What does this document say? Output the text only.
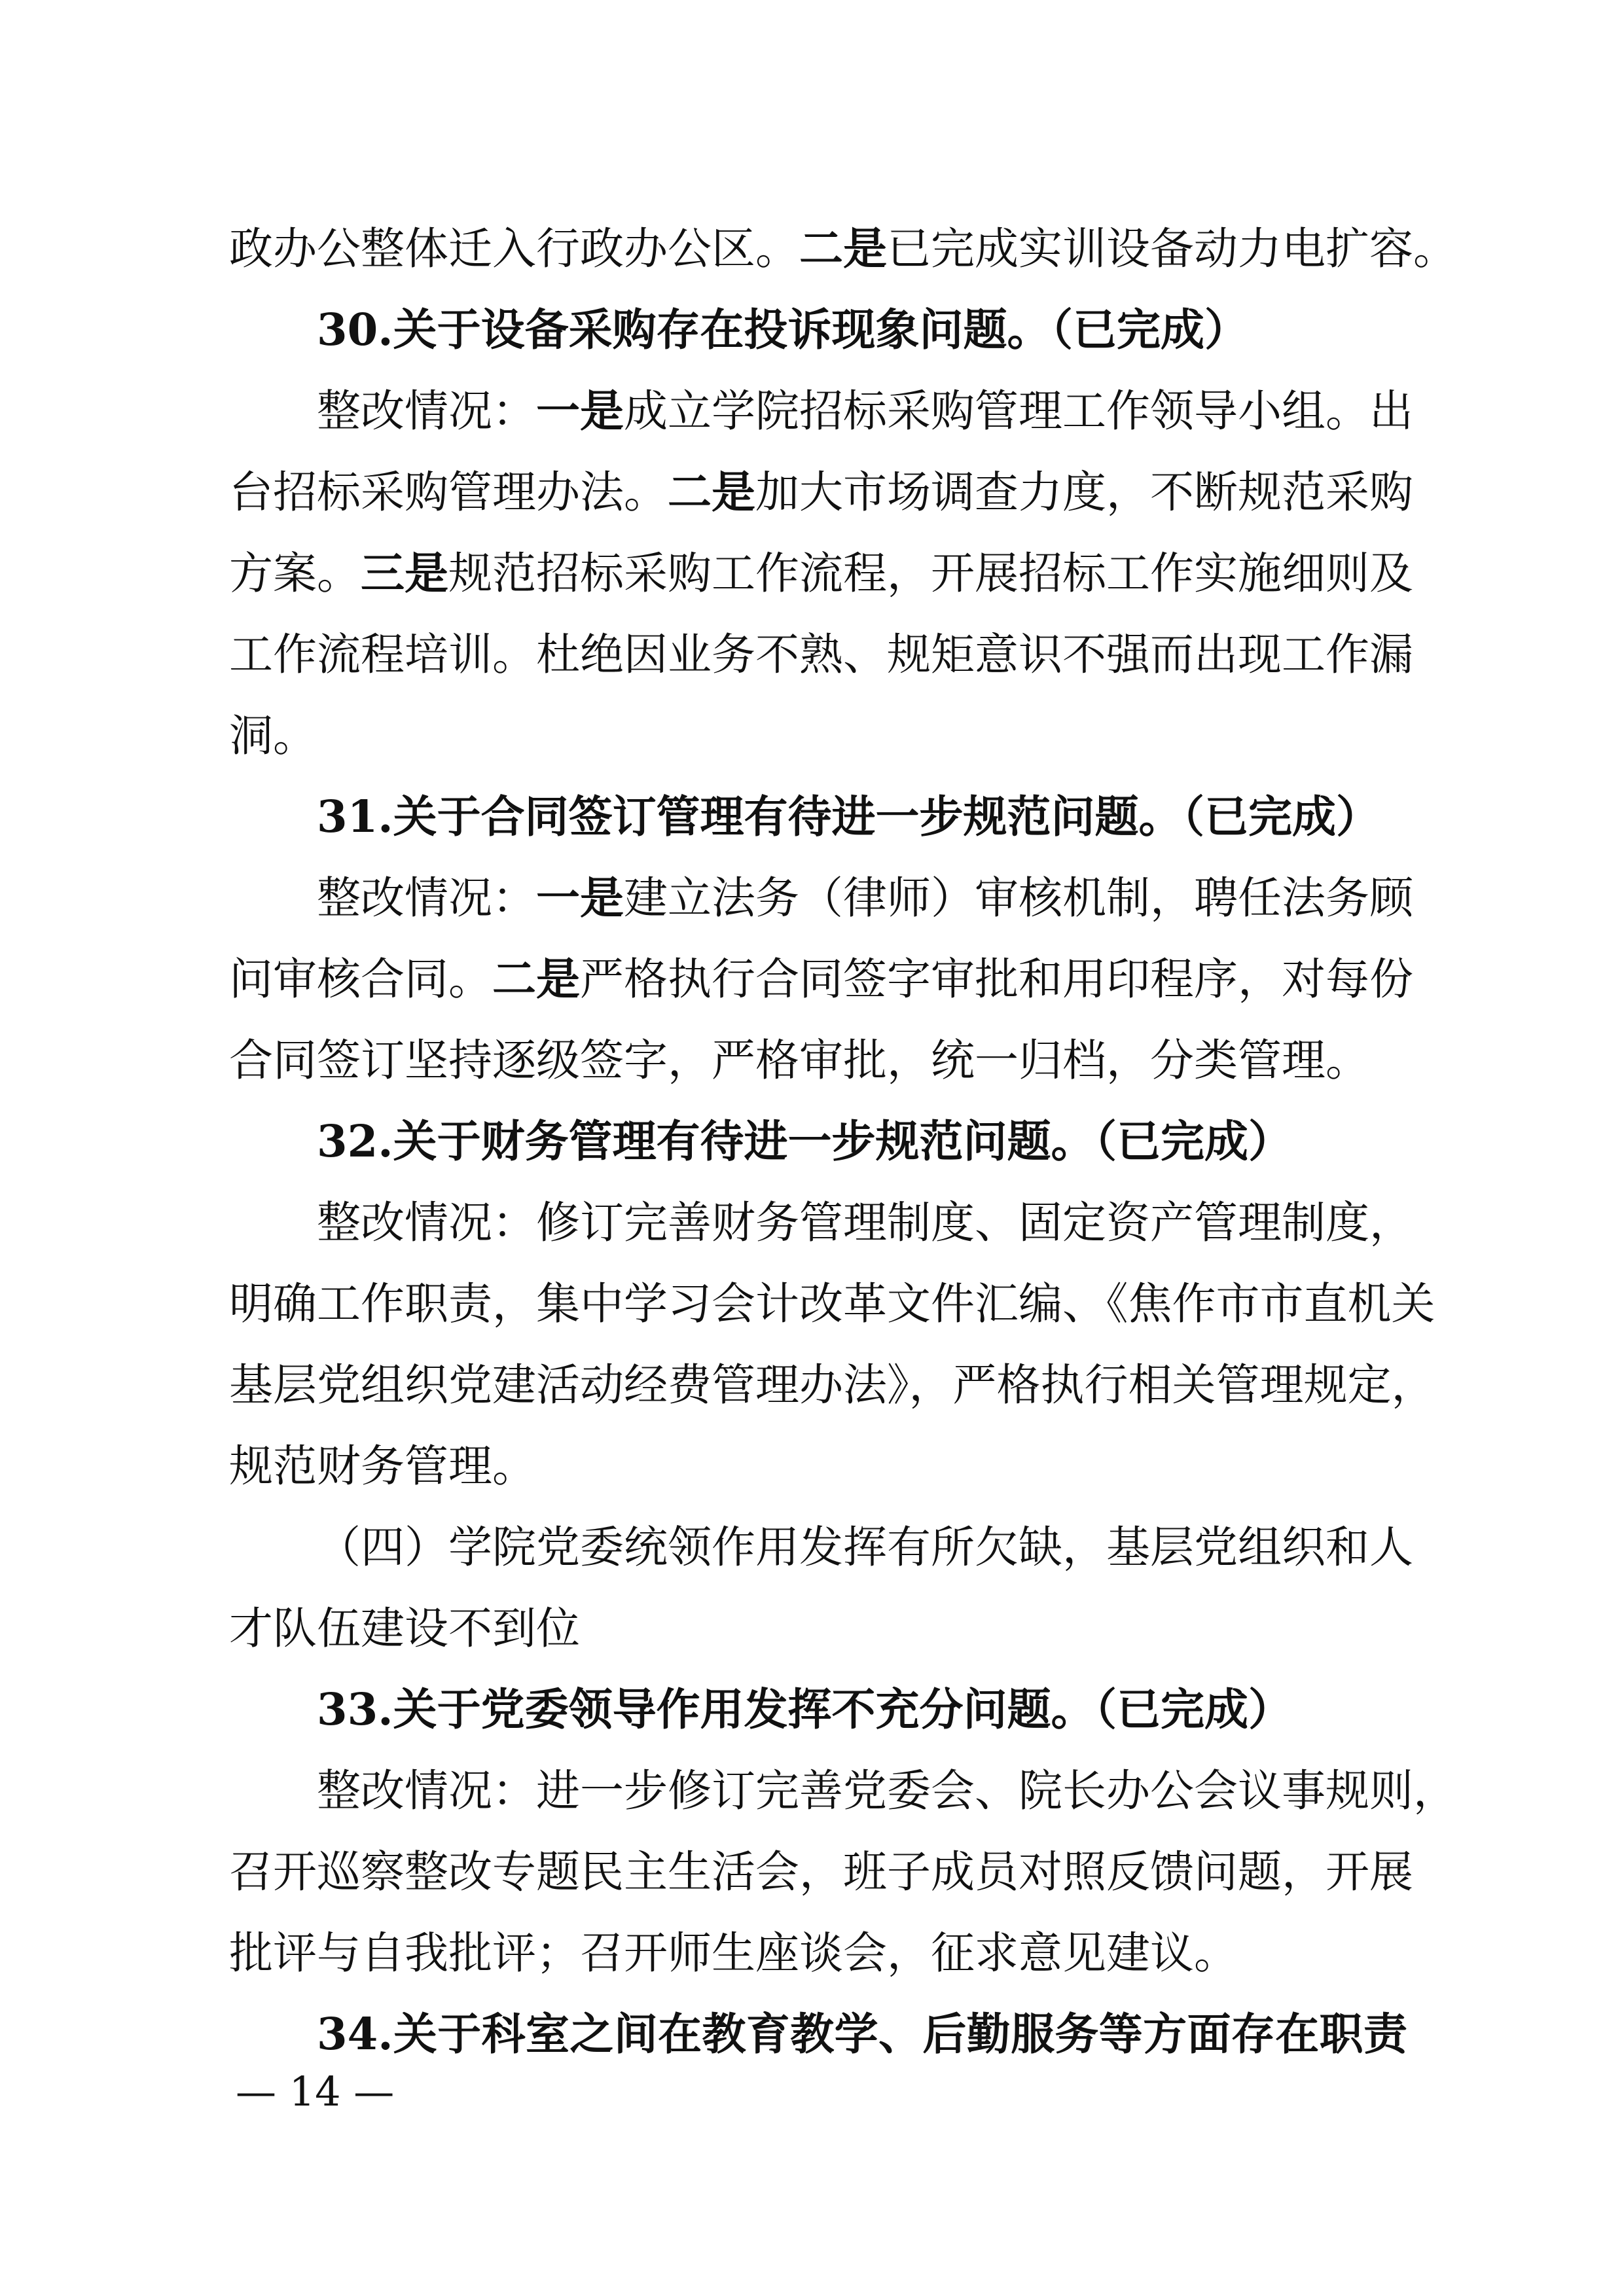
政办公整体迁入行政办公区。二是已完成实训设备动力电扩容。
30.关于设备采购存在投诉现象问题。（已完成）
整改情况：一是成立学院招标采购管理工作领导小组。出
台招标采购管理办法。二是加大市场调查力度，不断规范采购
方案。三是规范招标采购工作流程，开展招标工作实施细则及
工作流程培训。杜绝因业务不熟、规矩意识不强而出现工作漏
洞。
31.关于合同签订管理有待进一步规范问题。（已完成）
整改情况：一是建立法务（律师）审核机制，聘任法务顾
问审核合同。二是严格执行合同签字审批和用印程序，对每份
合同签订坚持逐级签字，严格审批，统一归档，分类管理。
32.关于财务管理有待进一步规范问题。（已完成）
整改情况：修订完善财务管理制度、固定资产管理制度，
明确工作职责，集中学习会计改革文件汇编、《焦作市市直机关
基层党组织党建活动经费管理办法》，严格执行相关管理规定，
规范财务管理。
（四）学院党委统领作用发挥有所欠缺，基层党组织和人
才队伍建设不到位
33.关于党委领导作用发挥不充分问题。（已完成）
整改情况：进一步修订完善党委会、院长办公会议事规则，
召开巡察整改专题民主生活会，班子成员对照反馈问题，开展
批评与自我批评；召开师生座谈会，征求意见建议。
34.关于科室之间在教育教学、后勤服务等方面存在职责
— 14 —
